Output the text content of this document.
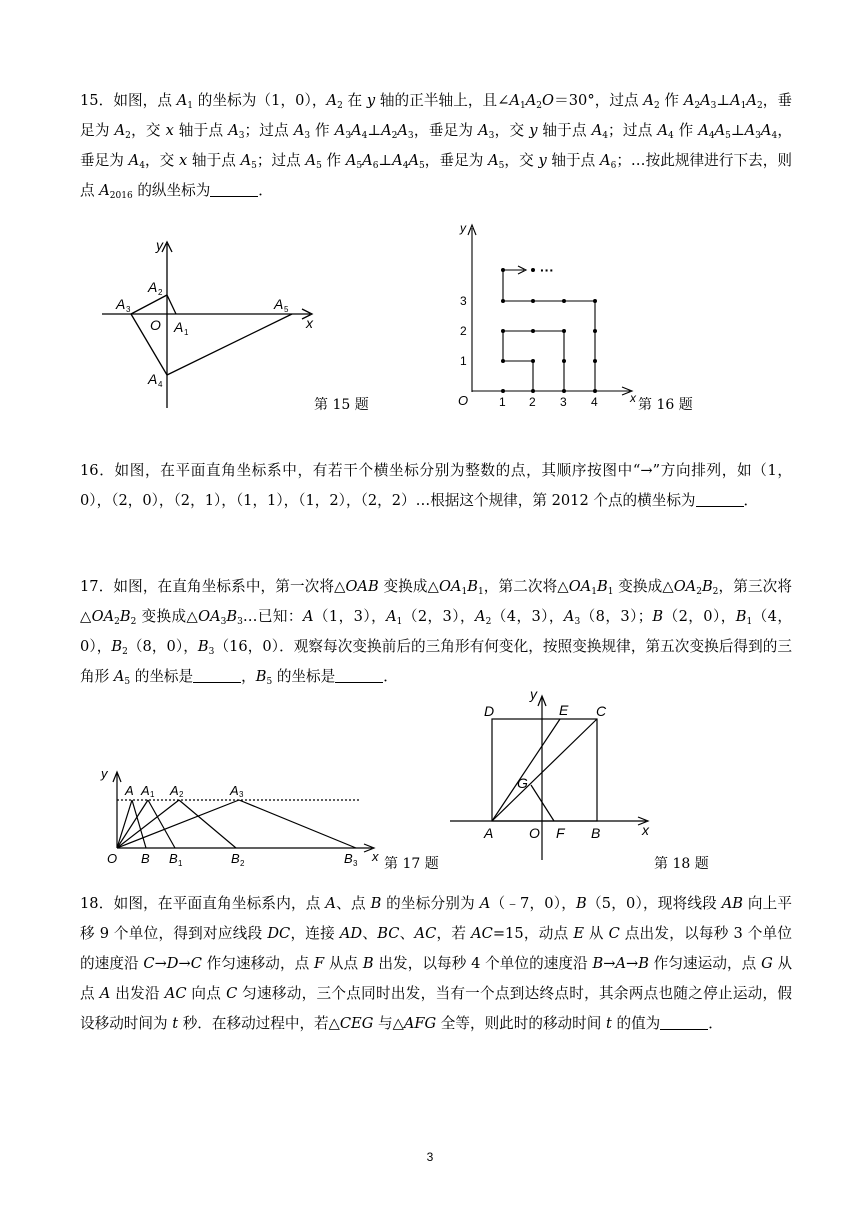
15．如图，点 $A_1$ 的坐标为（1，0），$A_2$ 在 y 轴的正半轴上，且$\angle A_1A_2O=30^\circ$，过点 $A_2$ 作 $A_2A_3\perp A_1A_2$，垂足为 $A_2$，交 x 轴于点 $A_3$；过点 $A_3$ 作 $A_3A_4\perp A_2A_3$，垂足为 $A_3$，交 y 轴于点 $A_4$；过点 $A_4$ 作 $A_4A_5\perp A_3A_4$，垂足为 $A_4$，交 x 轴于点 $A_5$；过点 $A_5$ 作 $A_5A_6\perp A_4A_5$，垂足为 $A_5$，交 y 轴于点 $A_6$；…按此规律进行下去，则点 $A_{2016}$ 的纵坐标为	．
y
x
O
A 2
A 1
A 3
A 4
A 5
第 15 题
···
y
x
O	1 2 3 4
1
2
3
第 16 题
16．如图，在平面直角坐标系中，有若干个横坐标分别为整数的点，其顺序按图中“→”方向排列，如（1，0），（2，0），（2，1），（1，1），（1，2），（2，2）…根据这个规律，第 2012 个点的横坐标为	．
17．如图，在直角坐标系中，第一次将△OAB 变换成$\triangle OA_1B_1$，第二次将$\triangle OA_1B_1$ 变换成$\triangle OA_2B_2$，第三次将$\triangle OA_2B_2$ 变换成$\triangle OA_3B_3\dots$已知：A（1，3），$A_1(2$，3），$A_2(4$，3），$A_3(8$，3）；B（2，0），$B_1(4$，0），$B_2(8$，0），$B_3(16$，0）．观察每次变换前后的三角形有何变化，按照变换规律，第五次变换后得到的三角形 $A_5$ 的坐标是	，$B_5$ 的坐标是	．
y
x
O
A A 1 A 2	A 3
B B 1	B 2	B 3 第 17 题
y
x
D	E C
G
A	O F B
第 18 题
18．如图，在平面直角坐标系内，点 A、点 B 的坐标分别为 A（﹣7，0），B（5，0），现将线段 AB 向上平移 9 个单位，得到对应线段 DC，连接 AD、BC、AC，若 AC=15，动点 E 从 C 点出发，以每秒 3 个单位的速度沿 C→D→C 作匀速移动，点 F 从点 B 出发，以每秒 4 个单位的速度沿 B→A→B 作匀速运动，点 G 从点 A 出发沿 AC 向点 C 匀速移动，三个点同时出发，当有一个点到达终点时，其余两点也随之停止运动，假设移动时间为 t 秒．在移动过程中，若△CEG 与△AFG 全等，则此时的移动时间 t 的值为	．
3
